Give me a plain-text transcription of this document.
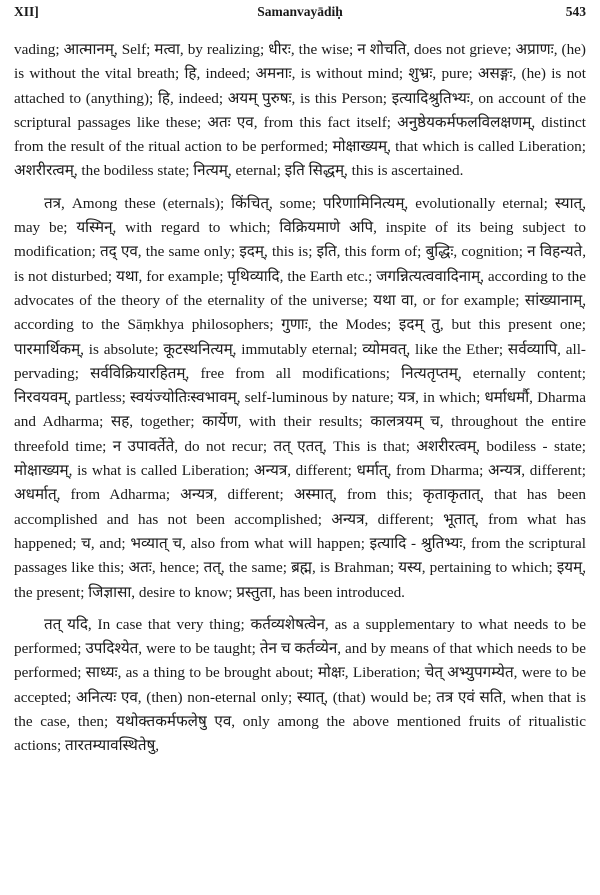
XII]	Samanvayādiḥ	543

vading; आत्मानम्, Self; मत्वा, by realizing; धीरः, the wise; न शोचति, does not grieve; अप्राणः, (he) is without the vital breath; हि, indeed; अमनाः, is without mind; शुभ्रः, pure; असङ्गः, (he) is not attached to (anything); हि, indeed; अयम् पुरुषः, is this Person; इत्यादिश्रुतिभ्यः, on account of the scriptural passages like these; अतः एव, from this fact itself; अनुष्ठेयकर्मफलविलक्षणम्, distinct from the result of the ritual action to be performed; मोक्षाख्यम्, that which is called Liberation; अशरीरत्वम्, the bodiless state; नित्यम्, eternal; इति सिद्धम्, this is ascertained.

तत्र, Among these (eternals); किंचित्, some; परिणामिनित्यम्, evolutionally eternal; स्यात्, may be; यस्मिन्, with regard to which; विक्रियमाणे अपि, inspite of its being subject to modification; तद् एव, the same only; इदम्, this is; इति, this form of; बुद्धिः, cognition; न विहन्यते, is not disturbed; यथा, for example; पृथिव्यादि, the Earth etc.; जगन्नित्यत्ववादिनाम्, according to the advocates of the theory of the eternality of the universe; यथा वा, or for example; सांख्यानाम्, according to the Sāṃkhya philosophers; गुणाः, the Modes; इदम् तु, but this present one; पारमार्थिकम्, is absolute; कूटस्थनित्यम्, immutably eternal; व्योमवत्, like the Ether; सर्वव्यापि, all-pervading; सर्वविक्रियारहितम्, free from all modifications; नित्यतृप्तम्, eternally content; निरवयवम्, partless; स्वयंज्योतिःस्वभावम्, self-luminous by nature; यत्र, in which; धर्माधर्मौ, Dharma and Adharma; सह, together; कार्येण, with their results; कालत्रयम् च, throughout the entire threefold time; न उपावर्तेते, do not recur; तत् एतत्, This is that; अशरीरत्वम्, bodiless - state; मोक्षाख्यम्, is what is called Liberation; अन्यत्र, different; धर्मात्, from Dharma; अन्यत्र, different; अधर्मात्, from Adharma; अन्यत्र, different; अस्मात्, from this; कृताकृतात्, that has been accomplished and has not been accomplished; अन्यत्र, different; भूतात्, from what has happened; च, and; भव्यात् च, also from what will happen; इत्यादि - श्रुतिभ्यः, from the scriptural passages like this; अतः, hence; तत्, the same; ब्रह्म, is Brahman; यस्य, pertaining to which; इयम्, the present; जिज्ञासा, desire to know; प्रस्तुता, has been introduced.

तत् यदि, In case that very thing; कर्तव्यशेषत्वेन, as a supplementary to what needs to be performed; उपदिश्येत, were to be taught; तेन च कर्तव्येन, and by means of that which needs to be performed; साध्यः, as a thing to be brought about; मोक्षः, Liberation; चेत् अभ्युपगम्येत, were to be accepted; अनित्यः एव, (then) non-eternal only; स्यात्, (that) would be; तत्र एवं सति, when that is the case, then; यथोक्तकर्मफलेषु एव, only among the above mentioned fruits of ritualistic actions; तारतम्यावस्थितेषु,
